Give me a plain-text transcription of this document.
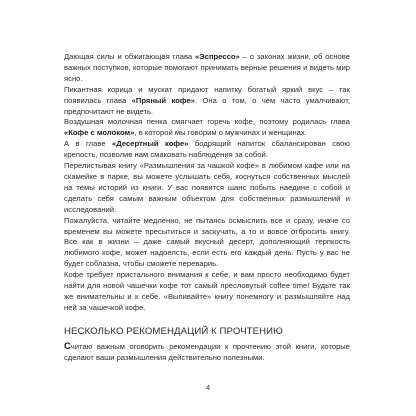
Дающая силы и обжигающая глава «Эспрессо» – о законах жизни, об основе важных поступков, которые помогают принимать верные решения и видеть мир ясно.

Пикантная корица и мускат придают напитку богатый яркий вкус – так появилась глава «Пряный кофе». Она о том, о чем часто умалчивают, предпочитают не видеть.

Воздушная молочная пенка смягчает горечь кофе, поэтому родилась глава «Кофе с молоком», в которой мы говорим о мужчинах и женщинах.

А в главе «Десертный кофе» бодрящий напиток сбалансирован свою крепость, позволив нам смаковать наблюдения за собой.

Перелистывая книгу «Размышления за чашкой кофе» в любимом кафе или на скамейке в парке, вы можете услышать себя, коснуться собственных мыслей на темы историй из книги. У вас появится шанс побыть наедине с собой и сделать себя самым важным объектом для собственных размышлений и исследований.

Пожалуйста, читайте медленно, не пытаясь осмыслить все и сразу, иначе со временем вы можете пресытиться и заскучать, а то и вовсе отбросить книгу. Все как в жизни – даже самый вкусный десерт, дополняющий терпкость любимого кофе, может надоелсть, если есть его каждый день. Пусть у вас не будет соблазна, чтобы сможете перевариь.

Кофе требует пристального внимания к себе, и вам просто необходимо будет найти для новой чашечки кофе тот самый пресловутый coffee time! Будьте так же внимательны и к себе. «Выпивайте» книгу понемногу и размышляйте над ней за чашечкой кофе.

НЕСКОЛЬКО РЕКОМЕНДАЦИЙ К ПРОЧТЕНИЮ
Считаю важным оговорить рекомендации к прочтению этой книги, которые сделают ваши размышления действительно полезными.
4
